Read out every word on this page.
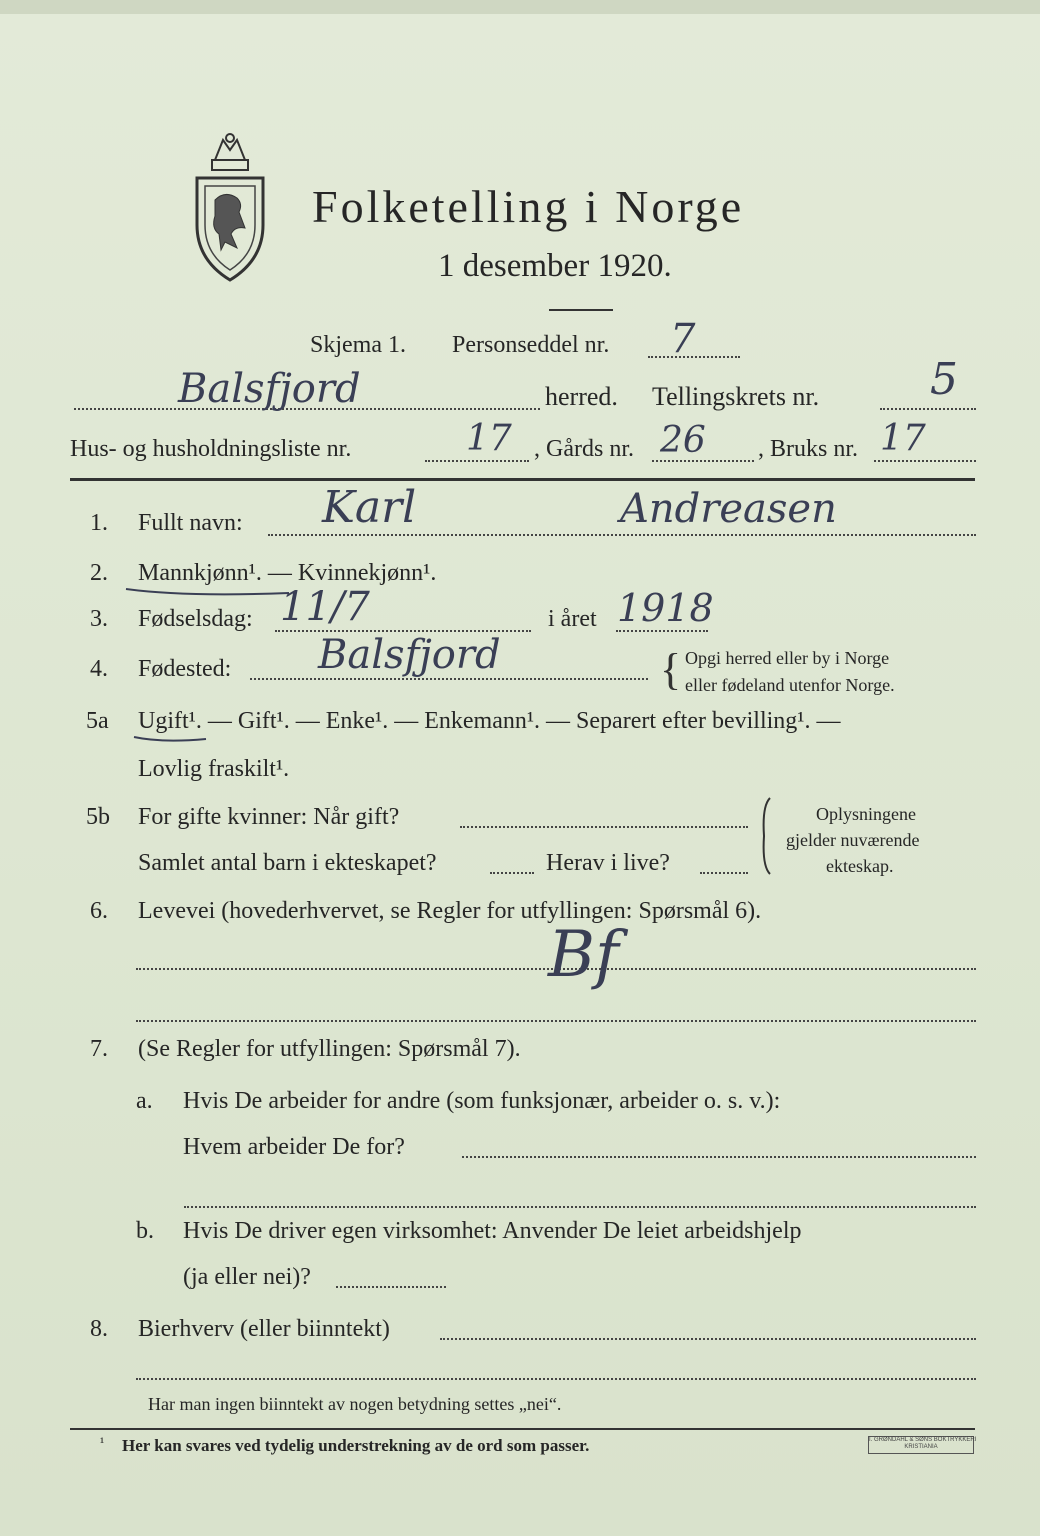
Folketelling i Norge
1 desember 1920.
Skjema 1. Personseddel nr. 7
Balsfjord	herred. Tellingskrets nr.	5
Hus- og husholdningsliste nr.	17 , Gårds nr. 26 , Bruks nr. 17
1. Fullt navn: Karl	Andreasen
2. Mannkjønn¹. — Kvinnekjønn¹.
3. Fødselsdag: 11/7	i året 1918
4. Fødested: Balsfjord	{ Opgi herred eller by i Norge
eller fødeland utenfor Norge.
5a Ugift¹. — Gift¹. — Enke¹. — Enkemann¹. — Separert efter bevilling¹. —
Lovlig fraskilt¹.
5b For gifte kvinner: Når gift?
Samlet antal barn i ekteskapet?	Herav i live?
Oplysningene
gjelder nuværende
ekteskap.
6. Levevei (hovederhvervet, se Regler for utfyllingen: Spørsmål 6).
Bf
7. (Se Regler for utfyllingen: Spørsmål 7).
a. Hvis De arbeider for andre (som funksjonær, arbeider o. s. v.):
Hvem arbeider De for?
b. Hvis De driver egen virksomhet: Anvender De leiet arbeidshjelp
(ja eller nei)?
8. Bierhverv (eller biinntekt)
Har man ingen biinntekt av nogen betydning settes „nei“.
¹ Her kan svares ved tydelig understrekning av de ord som passer.	I. GRØNDAHL & SØNS BOKTRYKKERI
KRISTIANIA
